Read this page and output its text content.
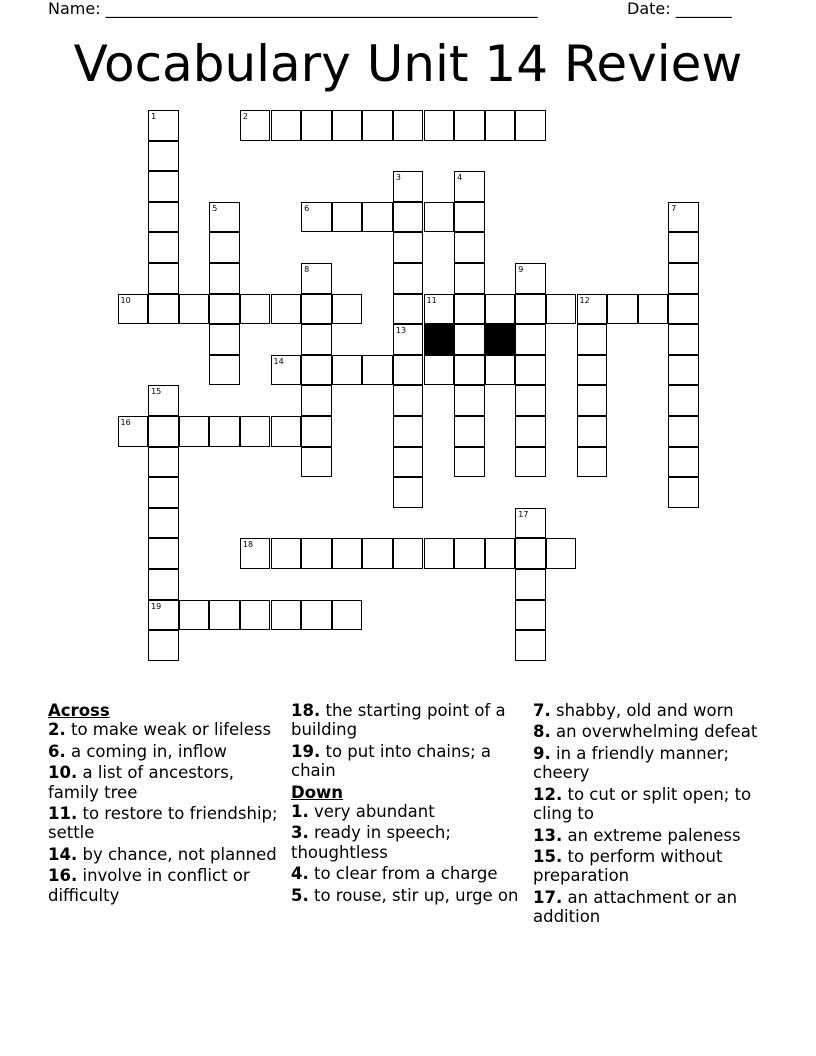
Name: ______________________________________________________	Date: _______
Vocabulary Unit 14 Review
1	2
3
13
4
5	6	7
8	9
10	11	12
14
15
19
16
17
18
Across
2. to make weak or lifeless
6. a coming in, inflow
10. a list of ancestors, family tree
11. to restore to friendship; settle
14. by chance, not planned
16. involve in conflict or difficulty
18. the starting point of a building
19. to put into chains; a chain
Down
1. very abundant
3. ready in speech; thoughtless
4. to clear from a charge
5. to rouse, stir up, urge on
7. shabby, old and worn
8. an overwhelming defeat
9. in a friendly manner; cheery
12. to cut or split open; to cling to
13. an extreme paleness
15. to perform without preparation
17. an attachment or an addition
